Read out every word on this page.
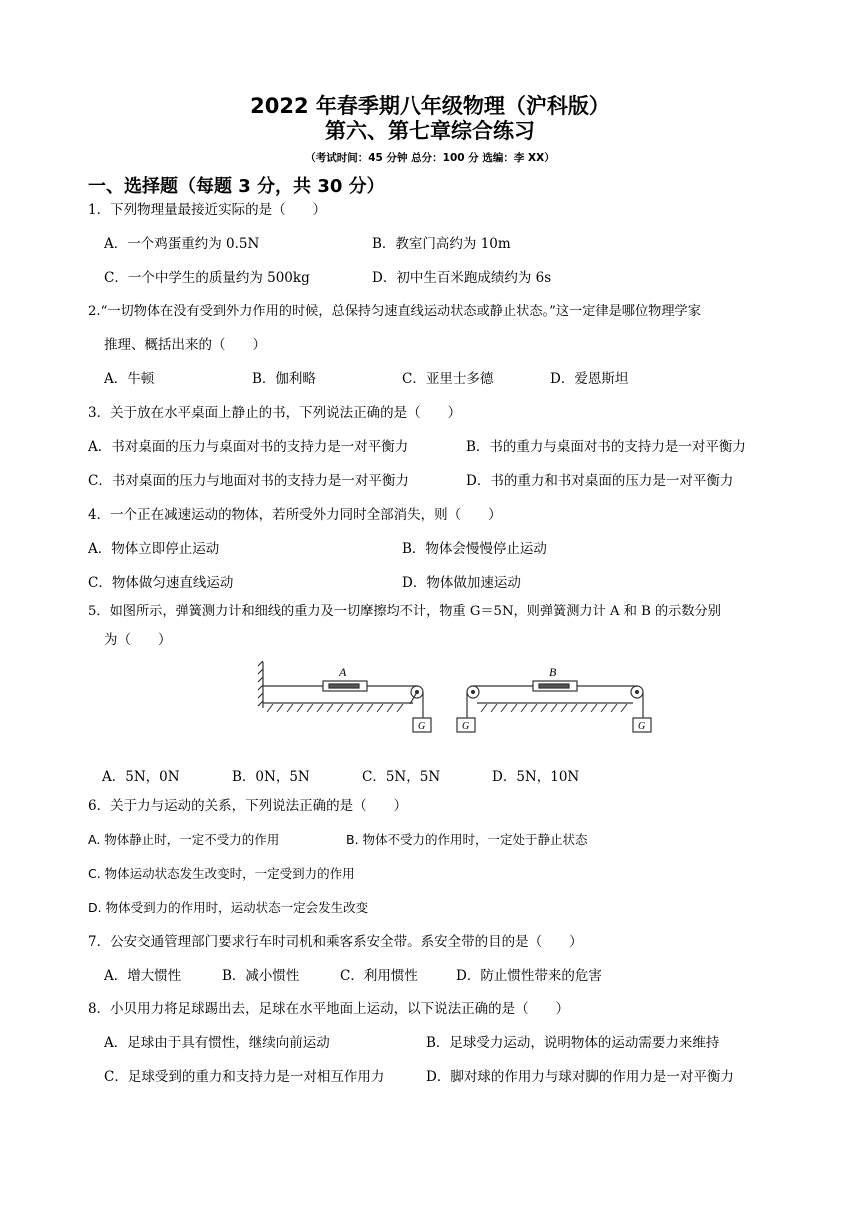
2022 年春季期八年级物理（沪科版）
第六、第七章综合练习
（考试时间：45 分钟 总分：100 分 选编：李 XX）
一、选择题（每题 3 分，共 30 分）
1．下列物理量最接近实际的是（　　）
A．一个鸡蛋重约为 0.5N	B．教室门高约为 10m
C．一个中学生的质量约为 500kg	D．初中生百米跑成绩约为 6s
2.“一切物体在没有受到外力作用的时候，总保持匀速直线运动状态或静止状态。”这一定律是哪位物理学家
推理、概括出来的（　　）
A．牛顿	B．伽利略	C．亚里士多德	D．爱恩斯坦
3．关于放在水平桌面上静止的书，下列说法正确的是（　　）
A．书对桌面的压力与桌面对书的支持力是一对平衡力	B．书的重力与桌面对书的支持力是一对平衡力
C．书对桌面的压力与地面对书的支持力是一对平衡力	D．书的重力和书对桌面的压力是一对平衡力
4．一个正在减速运动的物体，若所受外力同时全部消失，则（　　）
A．物体立即停止运动	B．物体会慢慢停止运动
C．物体做匀速直线运动	D．物体做加速运动
5．如图所示，弹簧测力计和细线的重力及一切摩擦均不计，物重 G＝5N，则弹簧测力计 A 和 B 的示数分别
为（　　）
A
G
B
G	G
A．5N，0N	B．0N，5N	C．5N，5N	D．5N，10N
6．关于力与运动的关系，下列说法正确的是（　　）
A. 物体静止时，一定不受力的作用	B. 物体不受力的作用时，一定处于静止状态
C. 物体运动状态发生改变时，一定受到力的作用
D. 物体受到力的作用时，运动状态一定会发生改变
7．公安交通管理部门要求行车时司机和乘客系安全带。系安全带的目的是（　　）
A．增大惯性	B．减小惯性	C．利用惯性	D．防止惯性带来的危害
8．小贝用力将足球踢出去，足球在水平地面上运动，以下说法正确的是（　　）
A．足球由于具有惯性，继续向前运动	B．足球受力运动，说明物体的运动需要力来维持
C．足球受到的重力和支持力是一对相互作用力	D．脚对球的作用力与球对脚的作用力是一对平衡力
